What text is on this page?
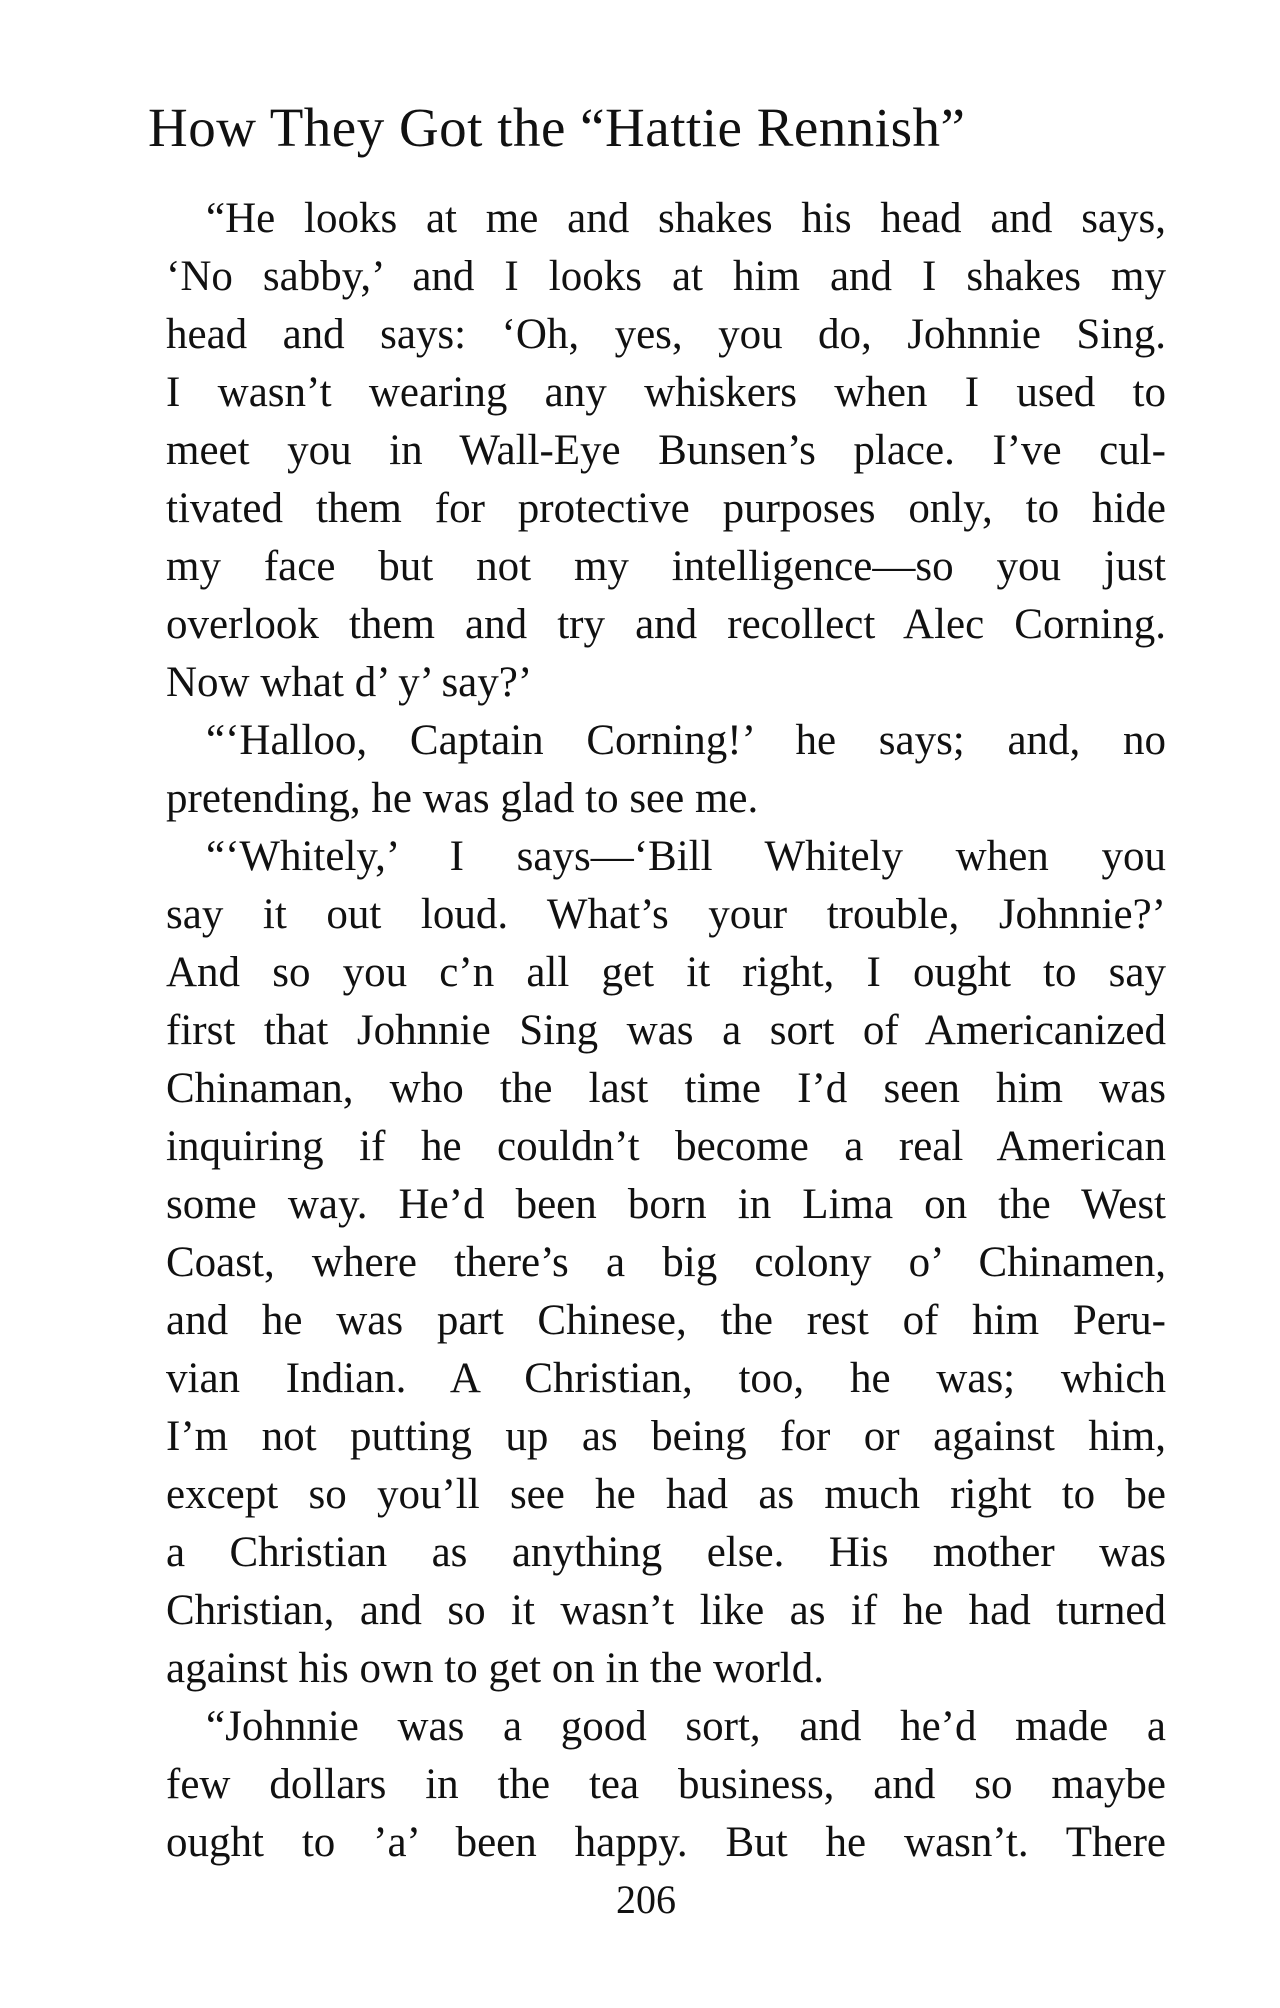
How They Got the “Hattie Rennish”
“He looks at me and shakes his head and says,
‘No sabby,’ and I looks at him and I shakes my
head and says: ‘Oh, yes, you do, Johnnie Sing.
I wasn’t wearing any whiskers when I used to
meet you in Wall-Eye Bunsen’s place. I’ve cul-
tivated them for protective purposes only, to hide
my face but not my intelligence—so you just
overlook them and try and recollect Alec Corning.
Now what d’ y’ say?’
“‘Halloo, Captain Corning!’ he says; and, no
pretending, he was glad to see me.
“‘Whitely,’ I says—‘Bill Whitely when you
say it out loud. What’s your trouble, Johnnie?’
And so you c’n all get it right, I ought to say
first that Johnnie Sing was a sort of Americanized
Chinaman, who the last time I’d seen him was
inquiring if he couldn’t become a real American
some way. He’d been born in Lima on the West
Coast, where there’s a big colony o’ Chinamen,
and he was part Chinese, the rest of him Peru-
vian Indian. A Christian, too, he was; which
I’m not putting up as being for or against him,
except so you’ll see he had as much right to be
a Christian as anything else. His mother was
Christian, and so it wasn’t like as if he had turned
against his own to get on in the world.
“Johnnie was a good sort, and he’d made a
few dollars in the tea business, and so maybe
ought to ’a’ been happy. But he wasn’t. There
206
